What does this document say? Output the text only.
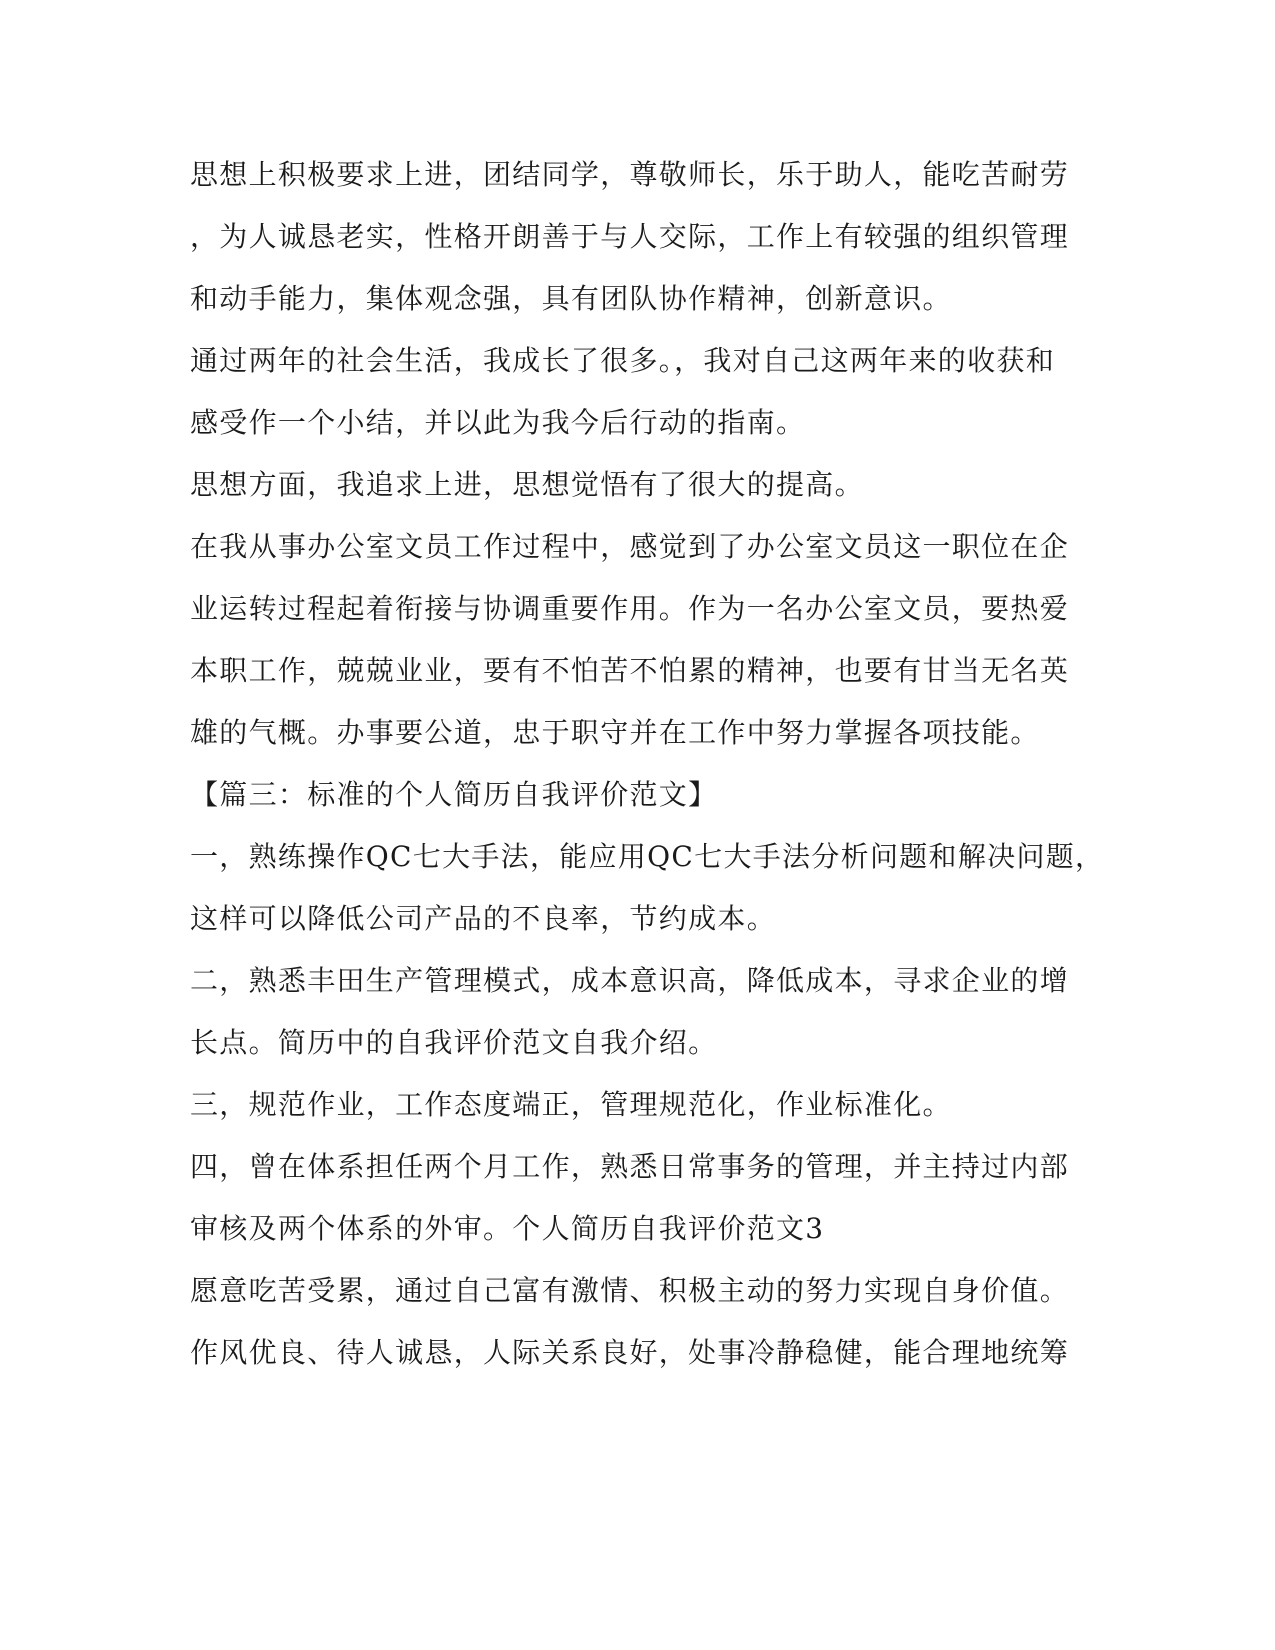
思想上积极要求上进，团结同学，尊敬师长，乐于助人，能吃苦耐劳
，为人诚恳老实，性格开朗善于与人交际，工作上有较强的组织管理
和动手能力，集体观念强，具有团队协作精神，创新意识。
通过两年的社会生活，我成长了很多。，我对自己这两年来的收获和
感受作一个小结，并以此为我今后行动的指南。
思想方面，我追求上进，思想觉悟有了很大的提高。
在我从事办公室文员工作过程中，感觉到了办公室文员这一职位在企
业运转过程起着衔接与协调重要作用。作为一名办公室文员，要热爱
本职工作，兢兢业业，要有不怕苦不怕累的精神，也要有甘当无名英
雄的气概。办事要公道，忠于职守并在工作中努力掌握各项技能。
【篇三：标准的个人简历自我评价范文】
一，熟练操作QC七大手法，能应用QC七大手法分析问题和解决问题，
这样可以降低公司产品的不良率，节约成本。
二，熟悉丰田生产管理模式，成本意识高，降低成本，寻求企业的增
长点。简历中的自我评价范文自我介绍。
三，规范作业，工作态度端正，管理规范化，作业标准化。
四，曾在体系担任两个月工作，熟悉日常事务的管理，并主持过内部
审核及两个体系的外审。个人简历自我评价范文3
愿意吃苦受累，通过自己富有激情、积极主动的努力实现自身价值。
作风优良、待人诚恳，人际关系良好，处事冷静稳健，能合理地统筹
